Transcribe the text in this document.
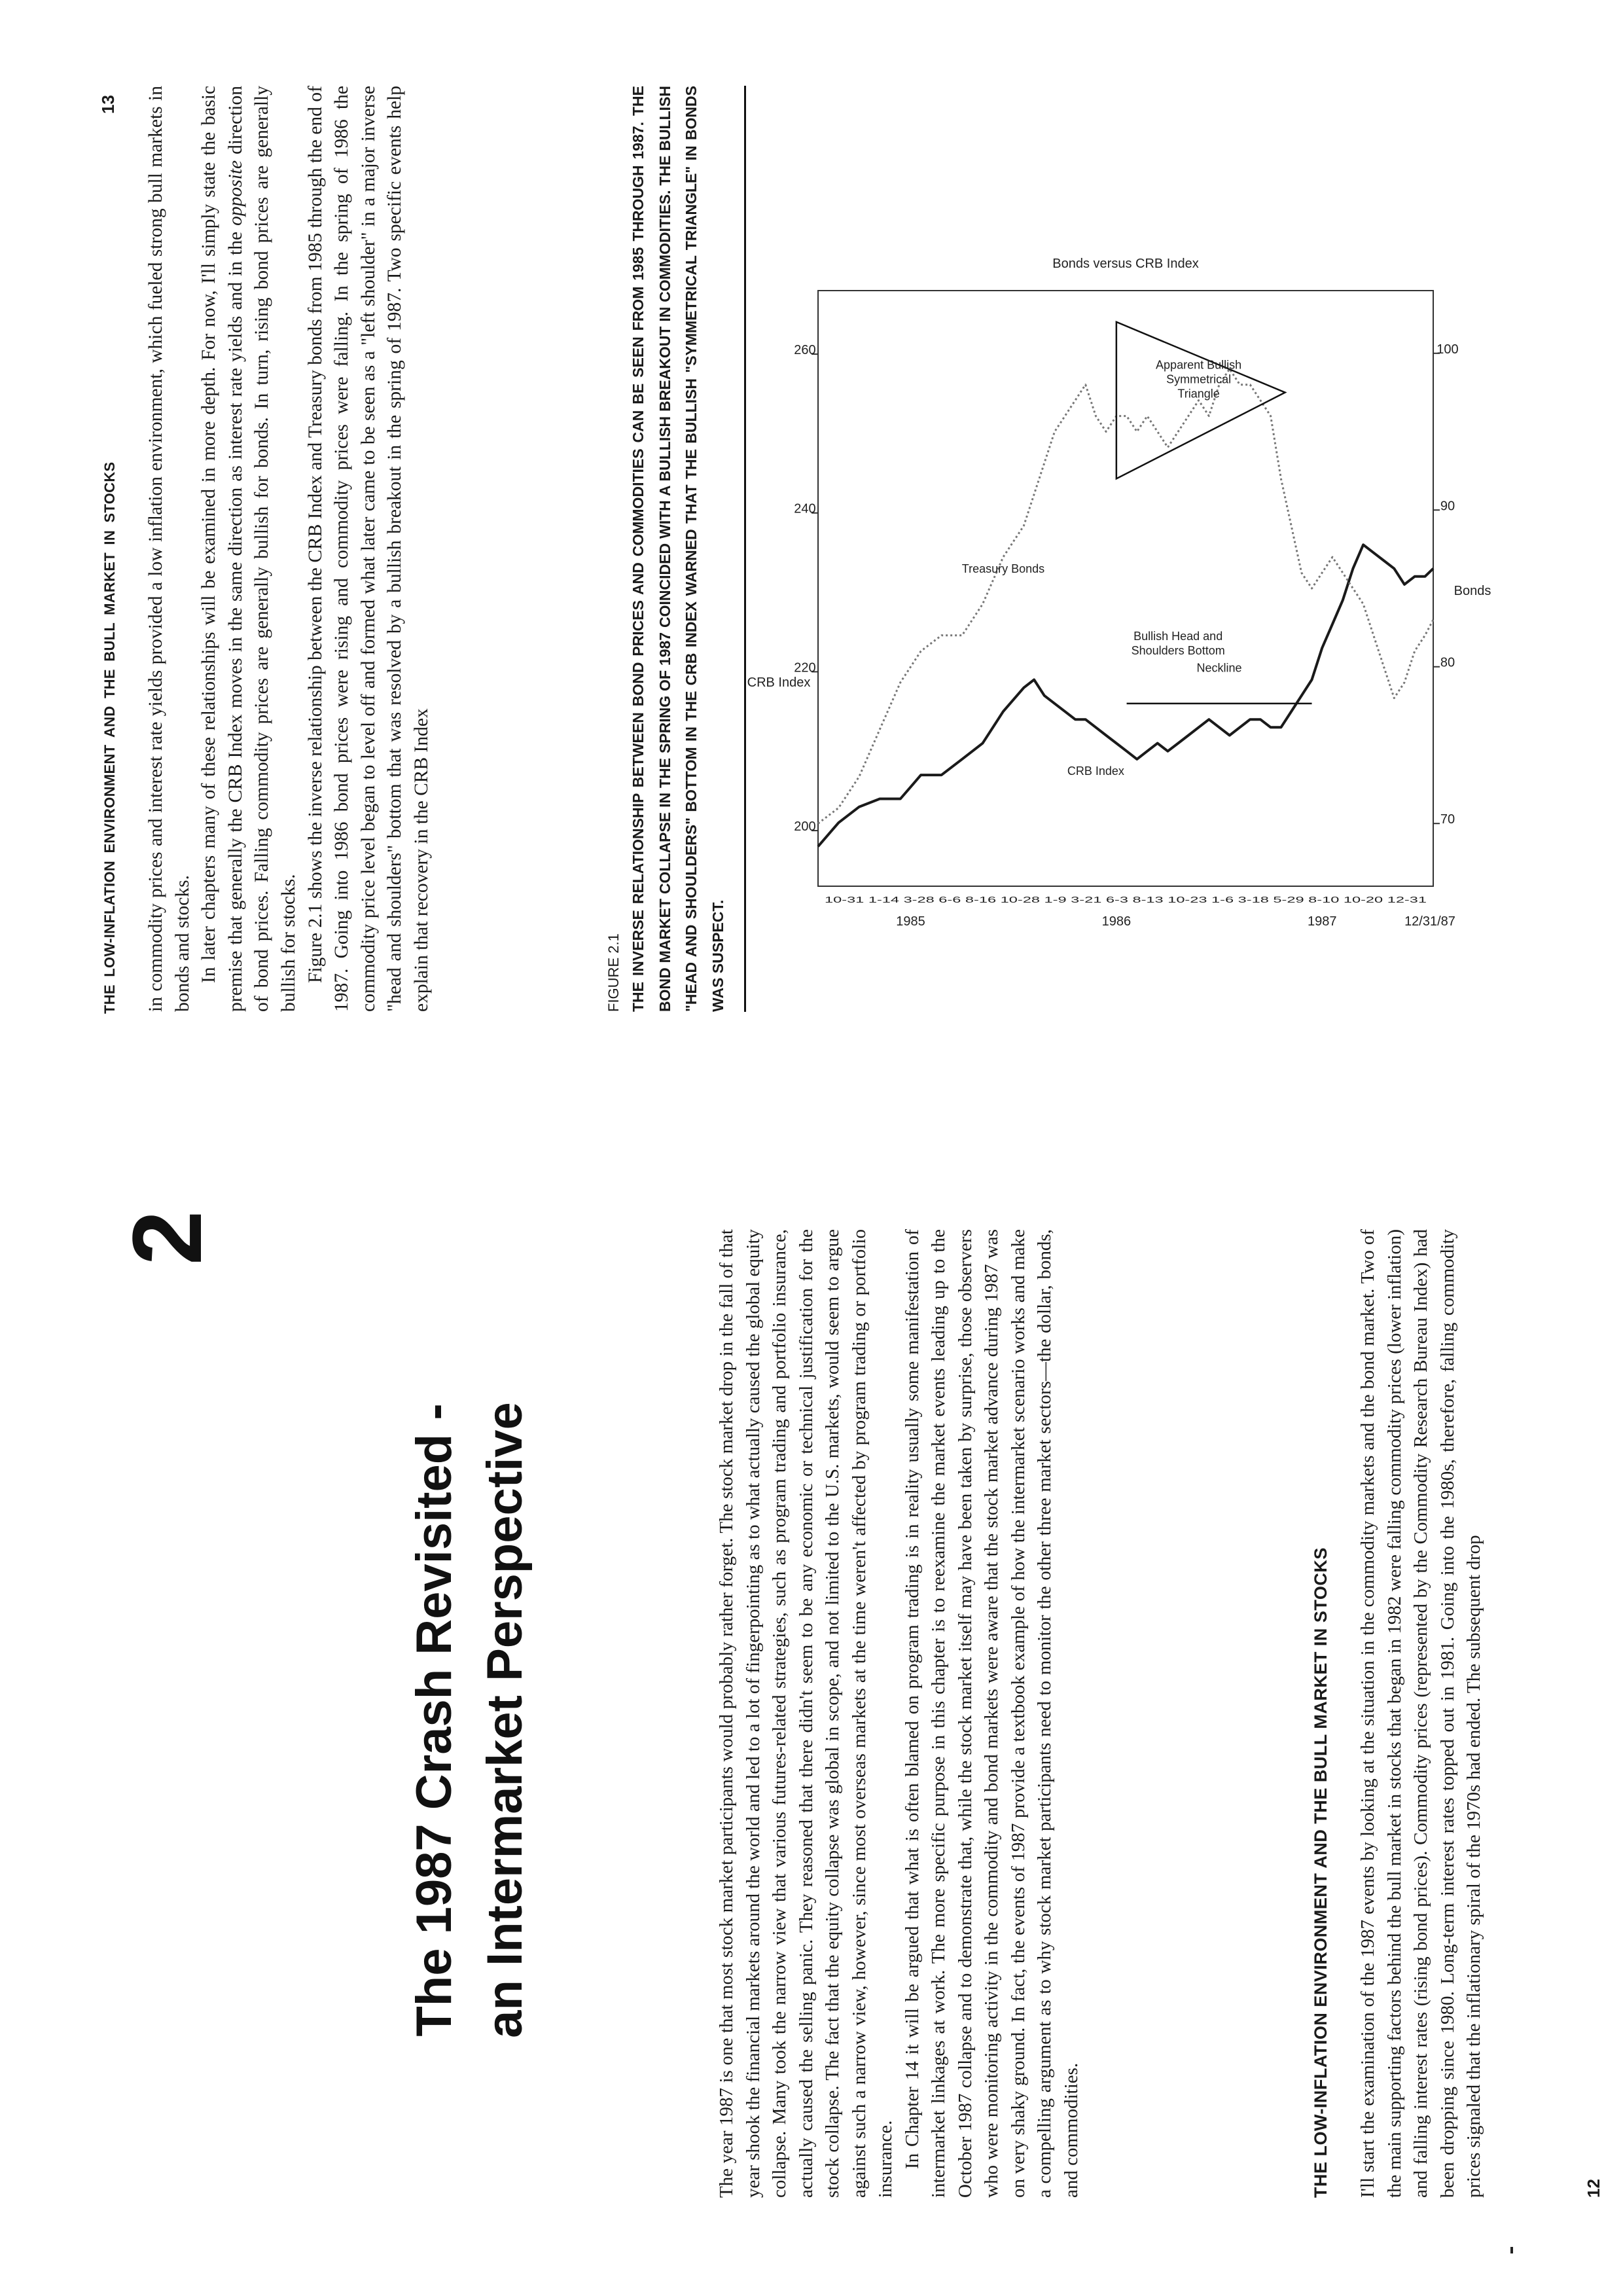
2
The 1987 Crash Revisited - an Intermarket Perspective	The year 1987 is one that most stock market participants would probably rather forget. The stock market drop in the fall of that year shook the financial markets around the world and led to a lot of fingerpointing as to what actually caused the global equity collapse. Many took the narrow view that various futures-related strategies, such as program trading and portfolio insurance, actually caused the selling panic. They reasoned that there didn't seem to be any economic or technical justification for the stock collapse. The fact that the equity collapse was global in scope, and not limited to the U.S. markets, would seem to argue against such a narrow view, however, since most overseas markets at the time weren't affected by program trading or portfolio insurance. In Chapter 14 it will be argued that what is often blamed on program trading is in reality usually some manifestation of intermarket linkages at work. The more specific purpose in this chapter is to reexamine the market events leading up to the October 1987 collapse and to demonstrate that, while the stock market itself may have been taken by surprise, those observers who were monitoring activity in the commodity and bond markets were aware that the stock market advance during 1987 was on very shaky ground. In fact, the events of 1987 provide a textbook example of how the intermarket scenario works and make a compelling argument as to why stock market participants need to monitor the other three market sectors—the dollar, bonds, and commodities.	THE LOW-INFLATION ENVIRONMENT AND THE BULL MARKET IN STOCKS I'll start the examination of the 1987 events by looking at the situation in the commodity markets and the bond market. Two of the main supporting factors behind the bull market in stocks that began in 1982 were falling commodity prices (lower inflation) and falling interest rates (rising bond prices). Commodity prices (represented by the Commodity Research Bureau Index) had been dropping since 1980. Long-term interest rates topped out in 1981. Going into the 1980s, therefore, falling commodity prices signaled that the inflationary spiral of the 1970s had ended. The subsequent drop	12
THE LOW-INFLATION ENVIRONMENT AND THE BULL MARKET IN STOCKS
13 in commodity prices and interest rate yields provided a low inflation environment, which fueled strong bull markets in bonds and stocks. In later chapters many of these relationships will be examined in more depth. For now, I'll simply state the basic premise that generally the CRB Index moves in the same direction as interest rate yields and in the opposite direction of bond prices. Falling commodity prices are generally bullish for bonds. In turn, rising bond prices are generally bullish for stocks. Figure 2.1 shows the inverse relationship between the CRB Index and Treasury bonds from 1985 through the end of 1987. Going into 1986 bond prices were rising and commodity prices were falling. In the spring of 1986 the commodity price level began to level off and formed what later came to be seen as a "left shoulder" in a major inverse "head and shoulders" bottom that was resolved by a bullish breakout in the spring of 1987. Two specific events help explain that recovery in the CRB Index	FIGURE 2.1 THE INVERSE RELATIONSHIP BETWEEN BOND PRICES AND COMMODITIES CAN BE SEEN FROM 1985 THROUGH 1987. THE BOND MARKET COLLAPSE IN THE SPRING OF 1987 COINCIDED WITH A BULLISH BREAKOUT IN COMMODITIES. THE BULLISH "HEAD AND SHOULDERS" BOTTOM IN THE CRB INDEX WARNED THAT THE BULLISH "SYMMETRICAL TRIANGLE" IN BONDS WAS SUSPECT.
200
220
240
260
70
80
90
100
1985	1986	1987
Treasury Bonds
CRB Index
Apparent Bullish Symmetrical Triangle
Bullish Head and Shoulders Bottom
Neckline
Bonds versus CRB Index
CRB Index
Bonds
10-31 1-14 3-28 6-6 8-16 10-28 1-9 3-21 6-3 8-13 10-23 1-6 3-18 5-29 8-10 10-20 12-31
12/31/87
